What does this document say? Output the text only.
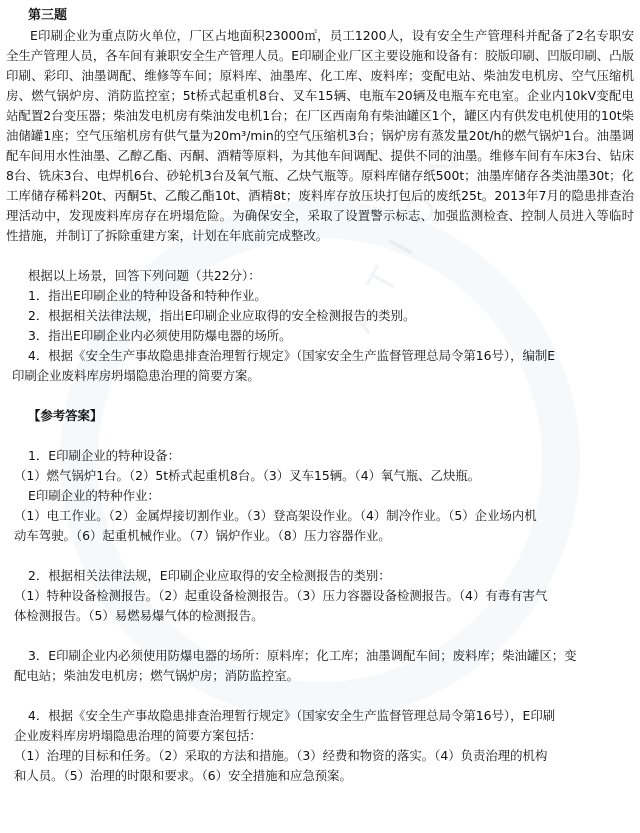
ATION

第三题

E印刷企业为重点防火单位，厂区占地面积23000㎡，员工1200人，设有安全生产管理科并配备了2名专职安全生产管理人员，各车间有兼职安全生产管理人员。E印刷企业厂区主要设施和设备有：胶版印刷、凹版印刷、凸版印刷、彩印、油墨调配、维修等车间；原料库、油墨库、化工库、废料库；变配电站、柴油发电机房、空气压缩机房、燃气锅炉房、消防监控室；5t桥式起重机8台、叉车15辆、电瓶车20辆及电瓶车充电室。企业内10kV变配电站配置2台变压器；柴油发电机房有柴油发电机1台；在厂区西南角有柴油罐区1个，罐区内有供发电机使用的10t柴油储罐1座；空气压缩机房有供气量为20m³/min的空气压缩机3台；锅炉房有蒸发量20t/h的燃气锅炉1台。油墨调配车间用水性油墨、乙醇乙酯、丙酮、酒精等原料，为其他车间调配、提供不同的油墨。维修车间有车床3台、钻床8台、铣床3台、电焊机6台、砂轮机3台及氧气瓶、乙炔气瓶等。原料库储存纸500t；油墨库储存各类油墨30t；化工库储存稀料20t、丙酮5t、乙酸乙酯10t、酒精8t；废料库存放压块打包后的废纸25t。2013年7月的隐患排查治理活动中，发现废料库房存在坍塌危险。为确保安全，采取了设置警示标志、加强监测检查、控制人员进入等临时性措施，并制订了拆除重建方案，计划在年底前完成整改。

根据以上场景，回答下列问题（共22分）：

1．指出E印刷企业的特种设备和特种作业。

2．根据相关法律法规，指出E印刷企业应取得的安全检测报告的类别。

3．指出E印刷企业内必须使用防爆电器的场所。

4．根据《安全生产事故隐患排查治理暂行规定》（国家安全生产监督管理总局令第16号），编制E

印刷企业废料库房坍塌隐患治理的简要方案。

【参考答案】

1．E印刷企业的特种设备：

（1）燃气锅炉1台。（2）5t桥式起重机8台。（3）叉车15辆。（4）氧气瓶、乙炔瓶。

E印刷企业的特种作业：

（1）电工作业。（2）金属焊接切割作业。（3）登高架设作业。（4）制冷作业。（5）企业场内机

动车驾驶。（6）起重机械作业。（7）锅炉作业。（8）压力容器作业。

2．根据相关法律法规，E印刷企业应取得的安全检测报告的类别：

（1）特种设备检测报告。（2）起重设备检测报告。（3）压力容器设备检测报告。（4）有毒有害气

体检测报告。（5）易燃易爆气体的检测报告。

3．E印刷企业内必须使用防爆电器的场所：原料库；化工库；油墨调配车间；废料库；柴油罐区；变

配电站；柴油发电机房；燃气锅炉房；消防监控室。

4．根据《安全生产事故隐患排查治理暂行规定》（国家安全生产监督管理总局令第16号），E印刷

企业废料库房坍塌隐患治理的简要方案包括：

（1）治理的目标和任务。（2）采取的方法和措施。（3）经费和物资的落实。（4）负责治理的机构

和人员。（5）治理的时限和要求。（6）安全措施和应急预案。
